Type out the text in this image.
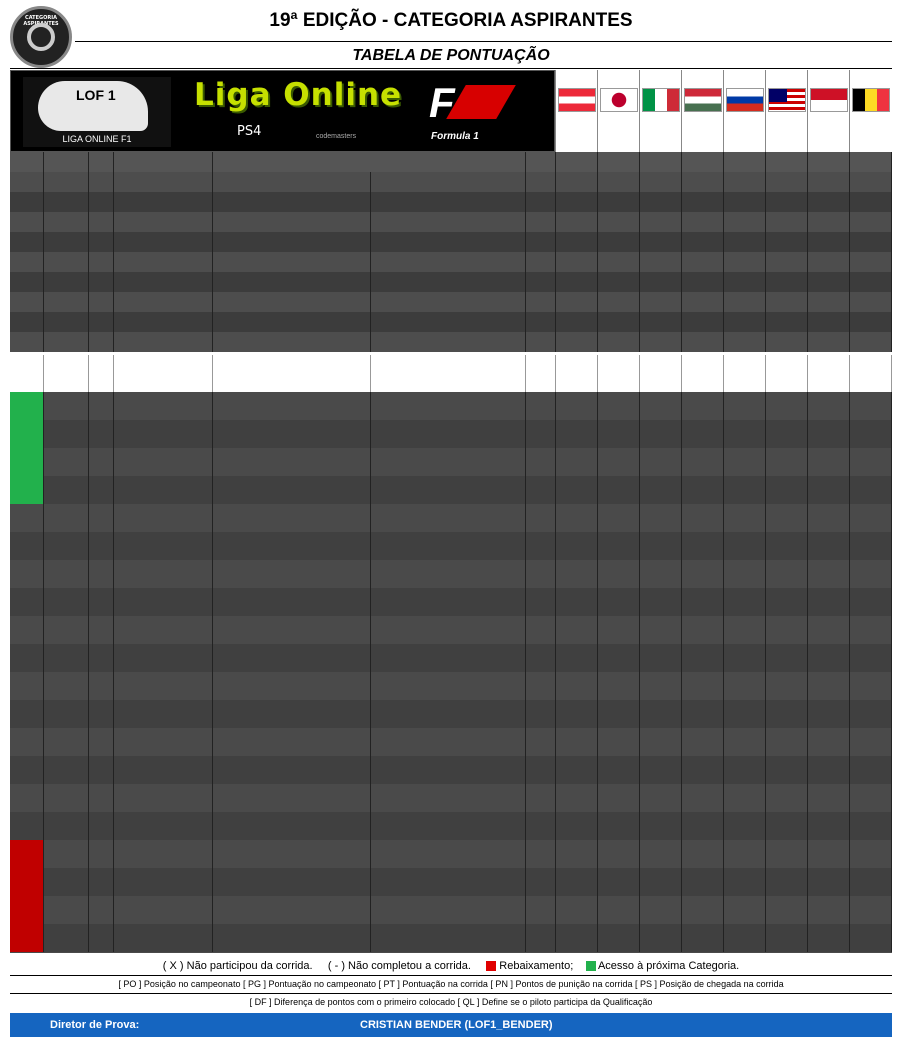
CATEGORIA ASPIRANTES	19ª EDIÇÃO - CATEGORIA ASPIRANTES
TABELA DE PONTUAÇÃO
LOF 1
LIGA ONLINE F1
Liga Online
PS4	codemasters
F
Formula 1
( X ) Não participou da corrida. ( - ) Não completou a corrida.	Rebaixamento; Acesso à próxima Categoria.
[ PO ] Posição no campeonato [ PG ] Pontuação no campeonato [ PT ] Pontuação na corrida [ PN ] Pontos de punição na corrida [ PS ] Posição de chegada na corrida
[ DF ] Diferença de pontos com o primeiro colocado [ QL ] Define se o piloto participa da Qualificação
Diretor de Prova:	CRISTIAN BENDER (LOF1_BENDER)
